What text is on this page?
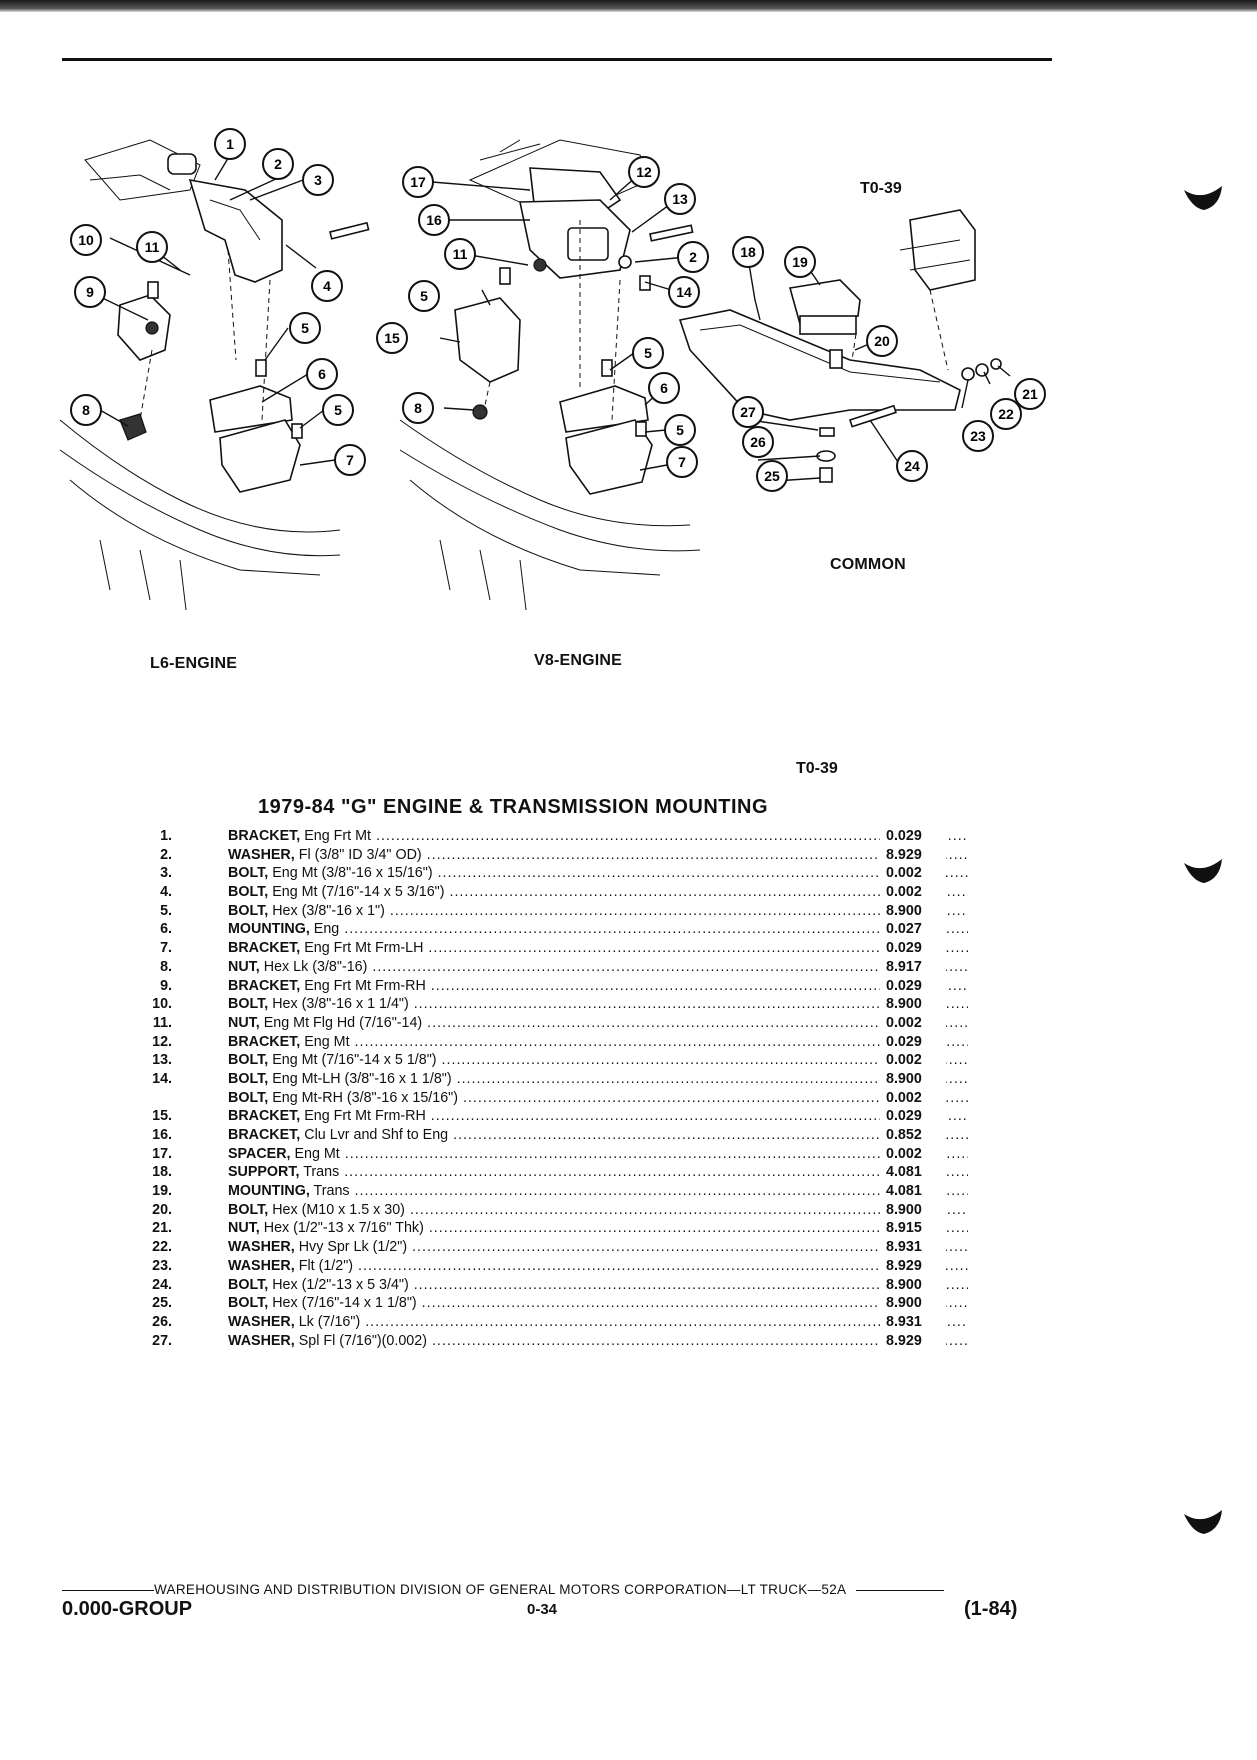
1
2
3
10	11
4
9
5
6
8	5
7
17
12
13
16
11	2
14
5
15
5
6
8
5
7
18
19
20
21
22
23
27
26
24
25
T0-39
L6-ENGINE	V8-ENGINE
COMMON
T0-39
1979-84 "G" ENGINE & TRANSMISSION MOUNTING
1.	BRACKET, Eng Frt Mt .....	0.029
2.	WASHER, Fl (3/8" ID 3/4" OD) .....	8.929
3.	BOLT, Eng Mt (3/8"-16 x 15/16") .....	0.002
4.	BOLT, Eng Mt (7/16"-14 x 5 3/16") .....	0.002
5.	BOLT, Hex (3/8"-16 x 1") .....	8.900
6.	MOUNTING, Eng .....	0.027
7.	BRACKET, Eng Frt Mt Frm-LH .....	0.029
8.	NUT, Hex Lk (3/8"-16) .....	8.917
9.	BRACKET, Eng Frt Mt Frm-RH .....	0.029
10.	BOLT, Hex (3/8"-16 x 1 1/4") .....	8.900
11.	NUT, Eng Mt Flg Hd (7/16"-14) .....	0.002
12.	BRACKET, Eng Mt .....	0.029
13.	BOLT, Eng Mt (7/16"-14 x 5 1/8") .....	0.002
14.	BOLT, Eng Mt-LH (3/8"-16 x 1 1/8") .....	8.900
BOLT, Eng Mt-RH (3/8"-16 x 15/16") .....	0.002
15.	BRACKET, Eng Frt Mt Frm-RH .....	0.029
16.	BRACKET, Clu Lvr and Shf to Eng .....	0.852
17.	SPACER, Eng Mt .....	0.002
18.	SUPPORT, Trans .....	4.081
19.	MOUNTING, Trans .....	4.081
20.	BOLT, Hex (M10 x 1.5 x 30) .....	8.900
21.	NUT, Hex (1/2"-13 x 7/16" Thk) .....	8.915
22.	WASHER, Hvy Spr Lk (1/2") .....	8.931
23.	WASHER, Flt (1/2") .....	8.929
24.	BOLT, Hex (1/2"-13 x 5 3/4") .....	8.900
25.	BOLT, Hex (7/16"-14 x 1 1/8") .....	8.900
26.	WASHER, Lk (7/16") .....	8.931
27.	WASHER, Spl Fl (7/16")(0.002) .....	8.929
WAREHOUSING AND DISTRIBUTION DIVISION OF GENERAL MOTORS CORPORATION—LT TRUCK—52A
0.000-GROUP	0-34	(1-84)
